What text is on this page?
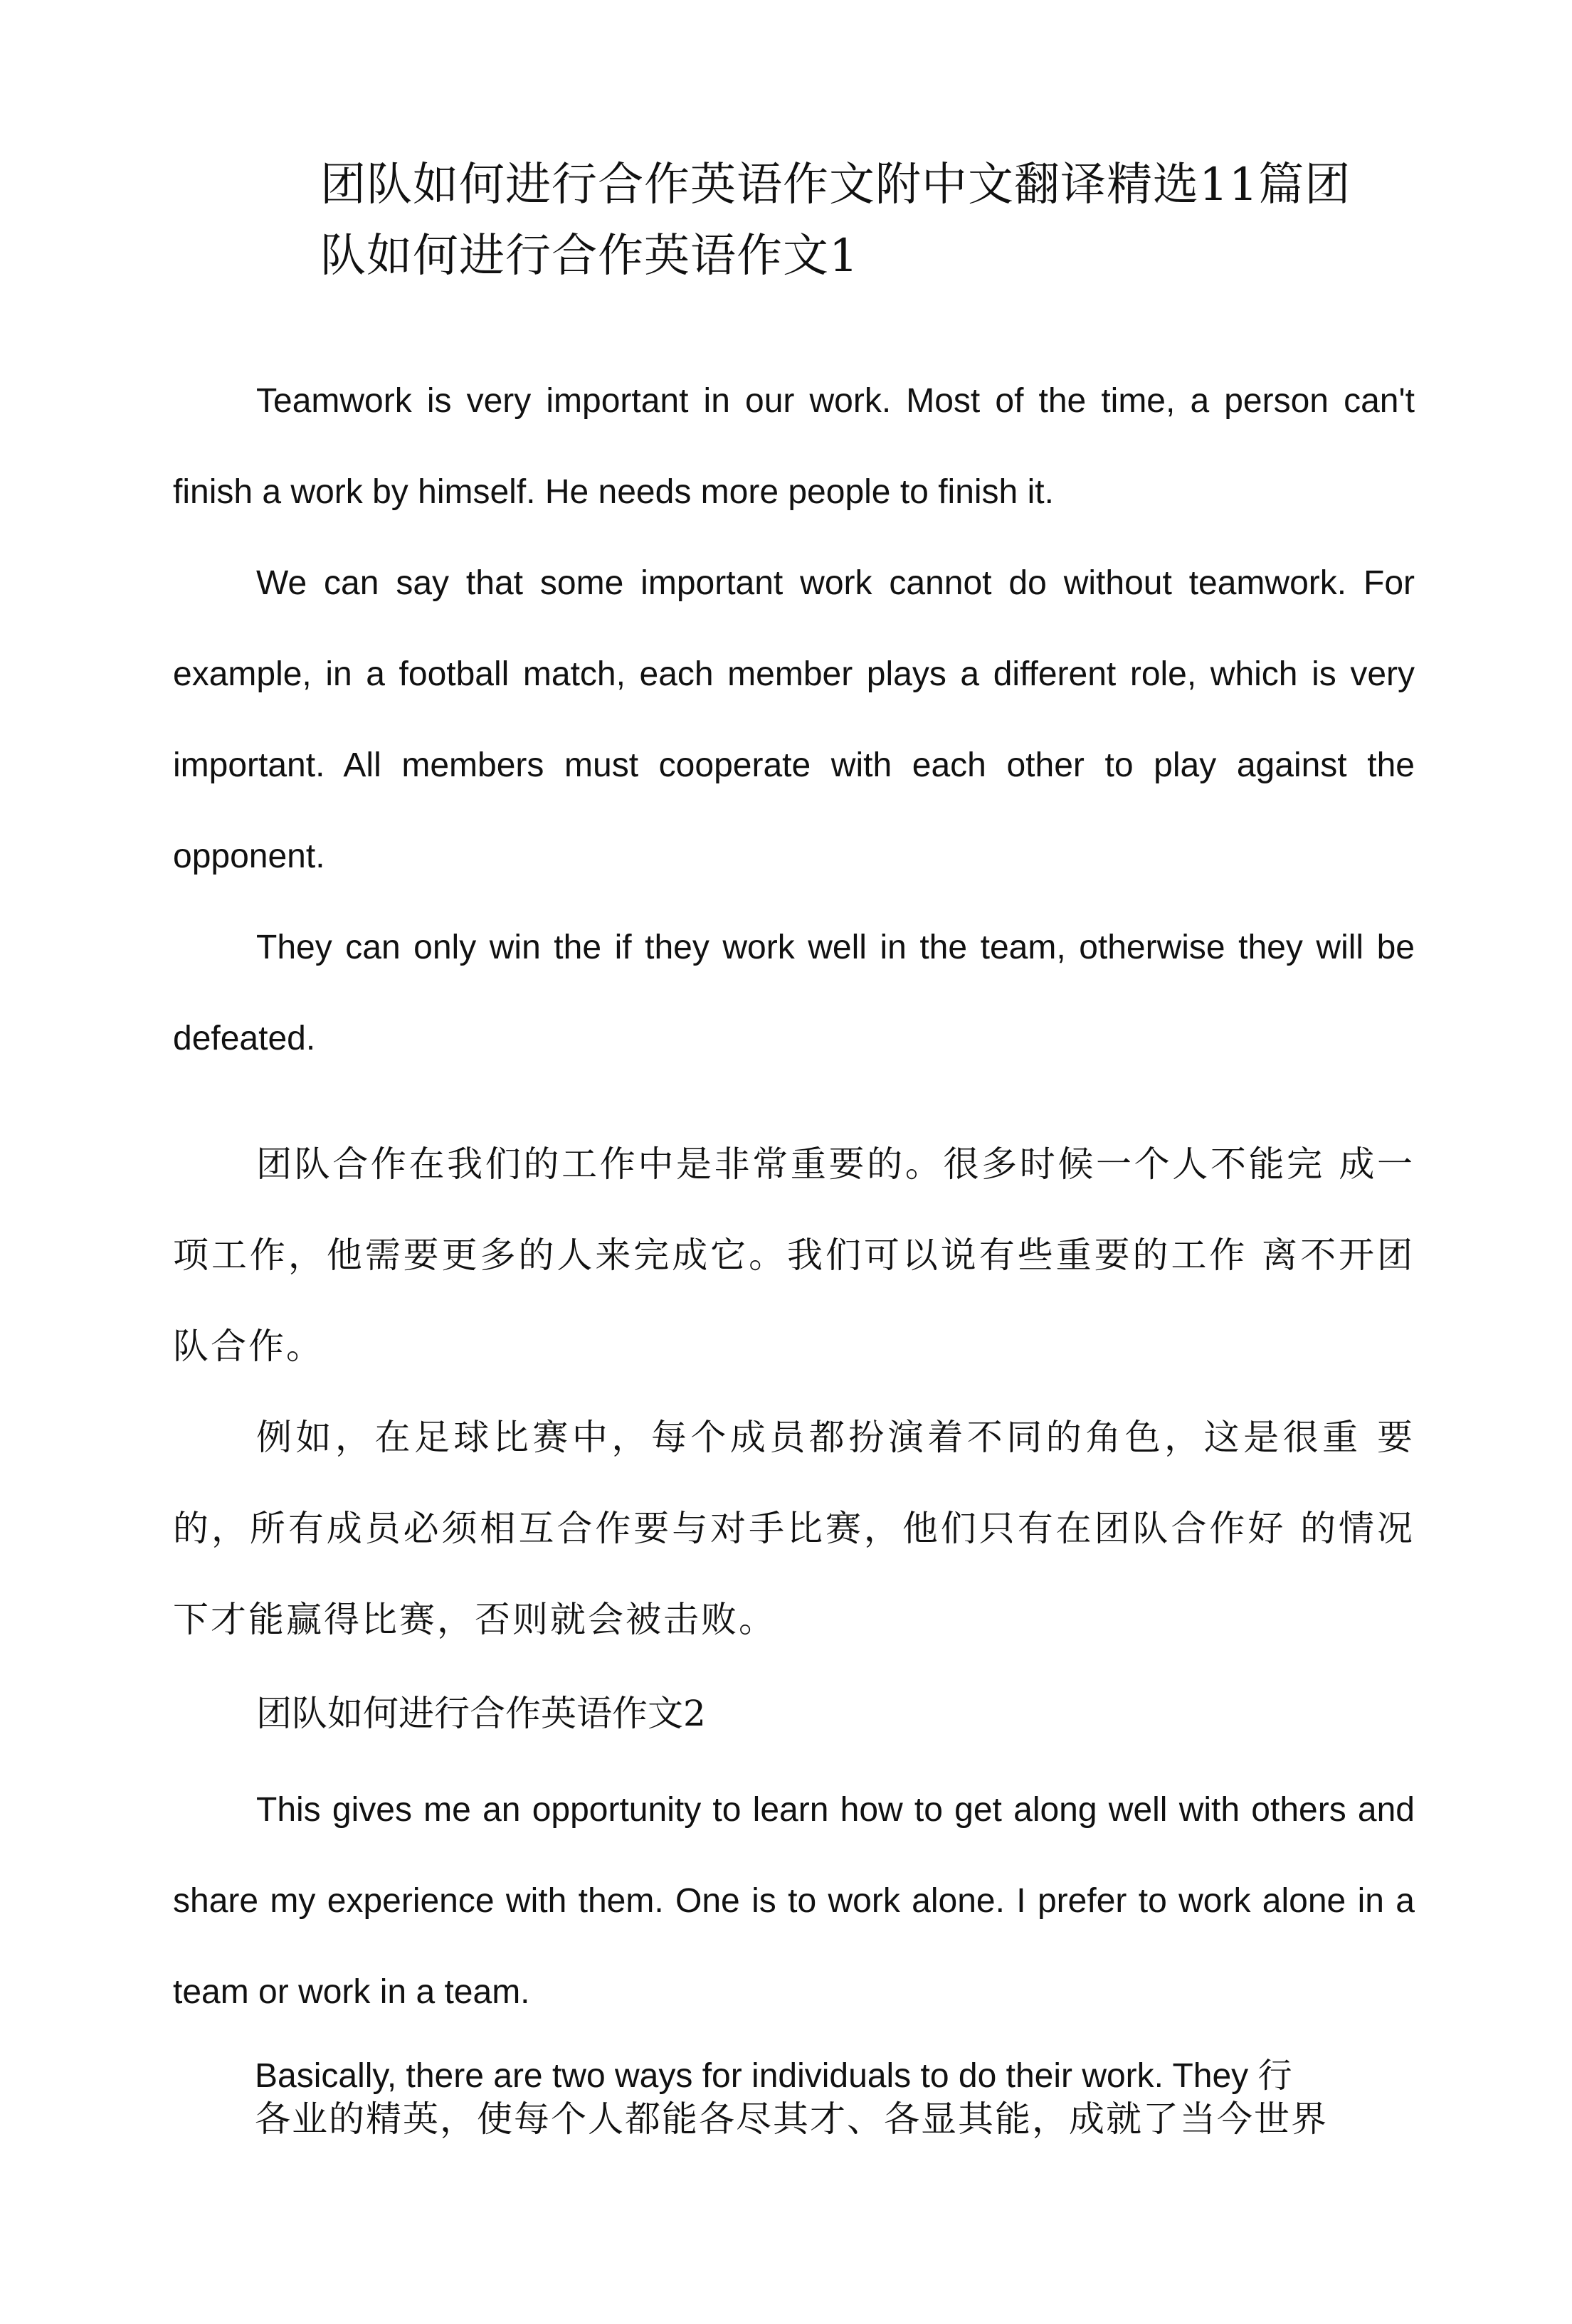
团队如何进行合作英语作文附中文翻译精选11篇团
队如何进行合作英语作文1

Teamwork is very important in our work. Most of the time, a person can't finish a work by himself. He needs more people to finish it.

We can say that some important work cannot do without teamwork. For example, in a football match, each member plays a different role, which is very important. All members must cooperate with each other to play against the opponent.

They can only win the if they work well in the team, otherwise they will be defeated.

团队合作在我们的工作中是非常重要的。很多时候一个人不能完 成一项工作，他需要更多的人来完成它。我们可以说有些重要的工作 离不开团队合作。

例如，在足球比赛中，每个成员都扮演着不同的角色，这是很重 要的，所有成员必须相互合作要与对手比赛，他们只有在团队合作好 的情况下才能赢得比赛，否则就会被击败。

团队如何进行合作英语作文2

This gives me an opportunity to learn how to get along well with others and share my experience with them. One is to work alone. I prefer to work alone in a team or work in a team.

Basically, there are two ways for individuals to do their work. They 行
各业的精英，使每个人都能各尽其才、各显其能，成就了当今世界
